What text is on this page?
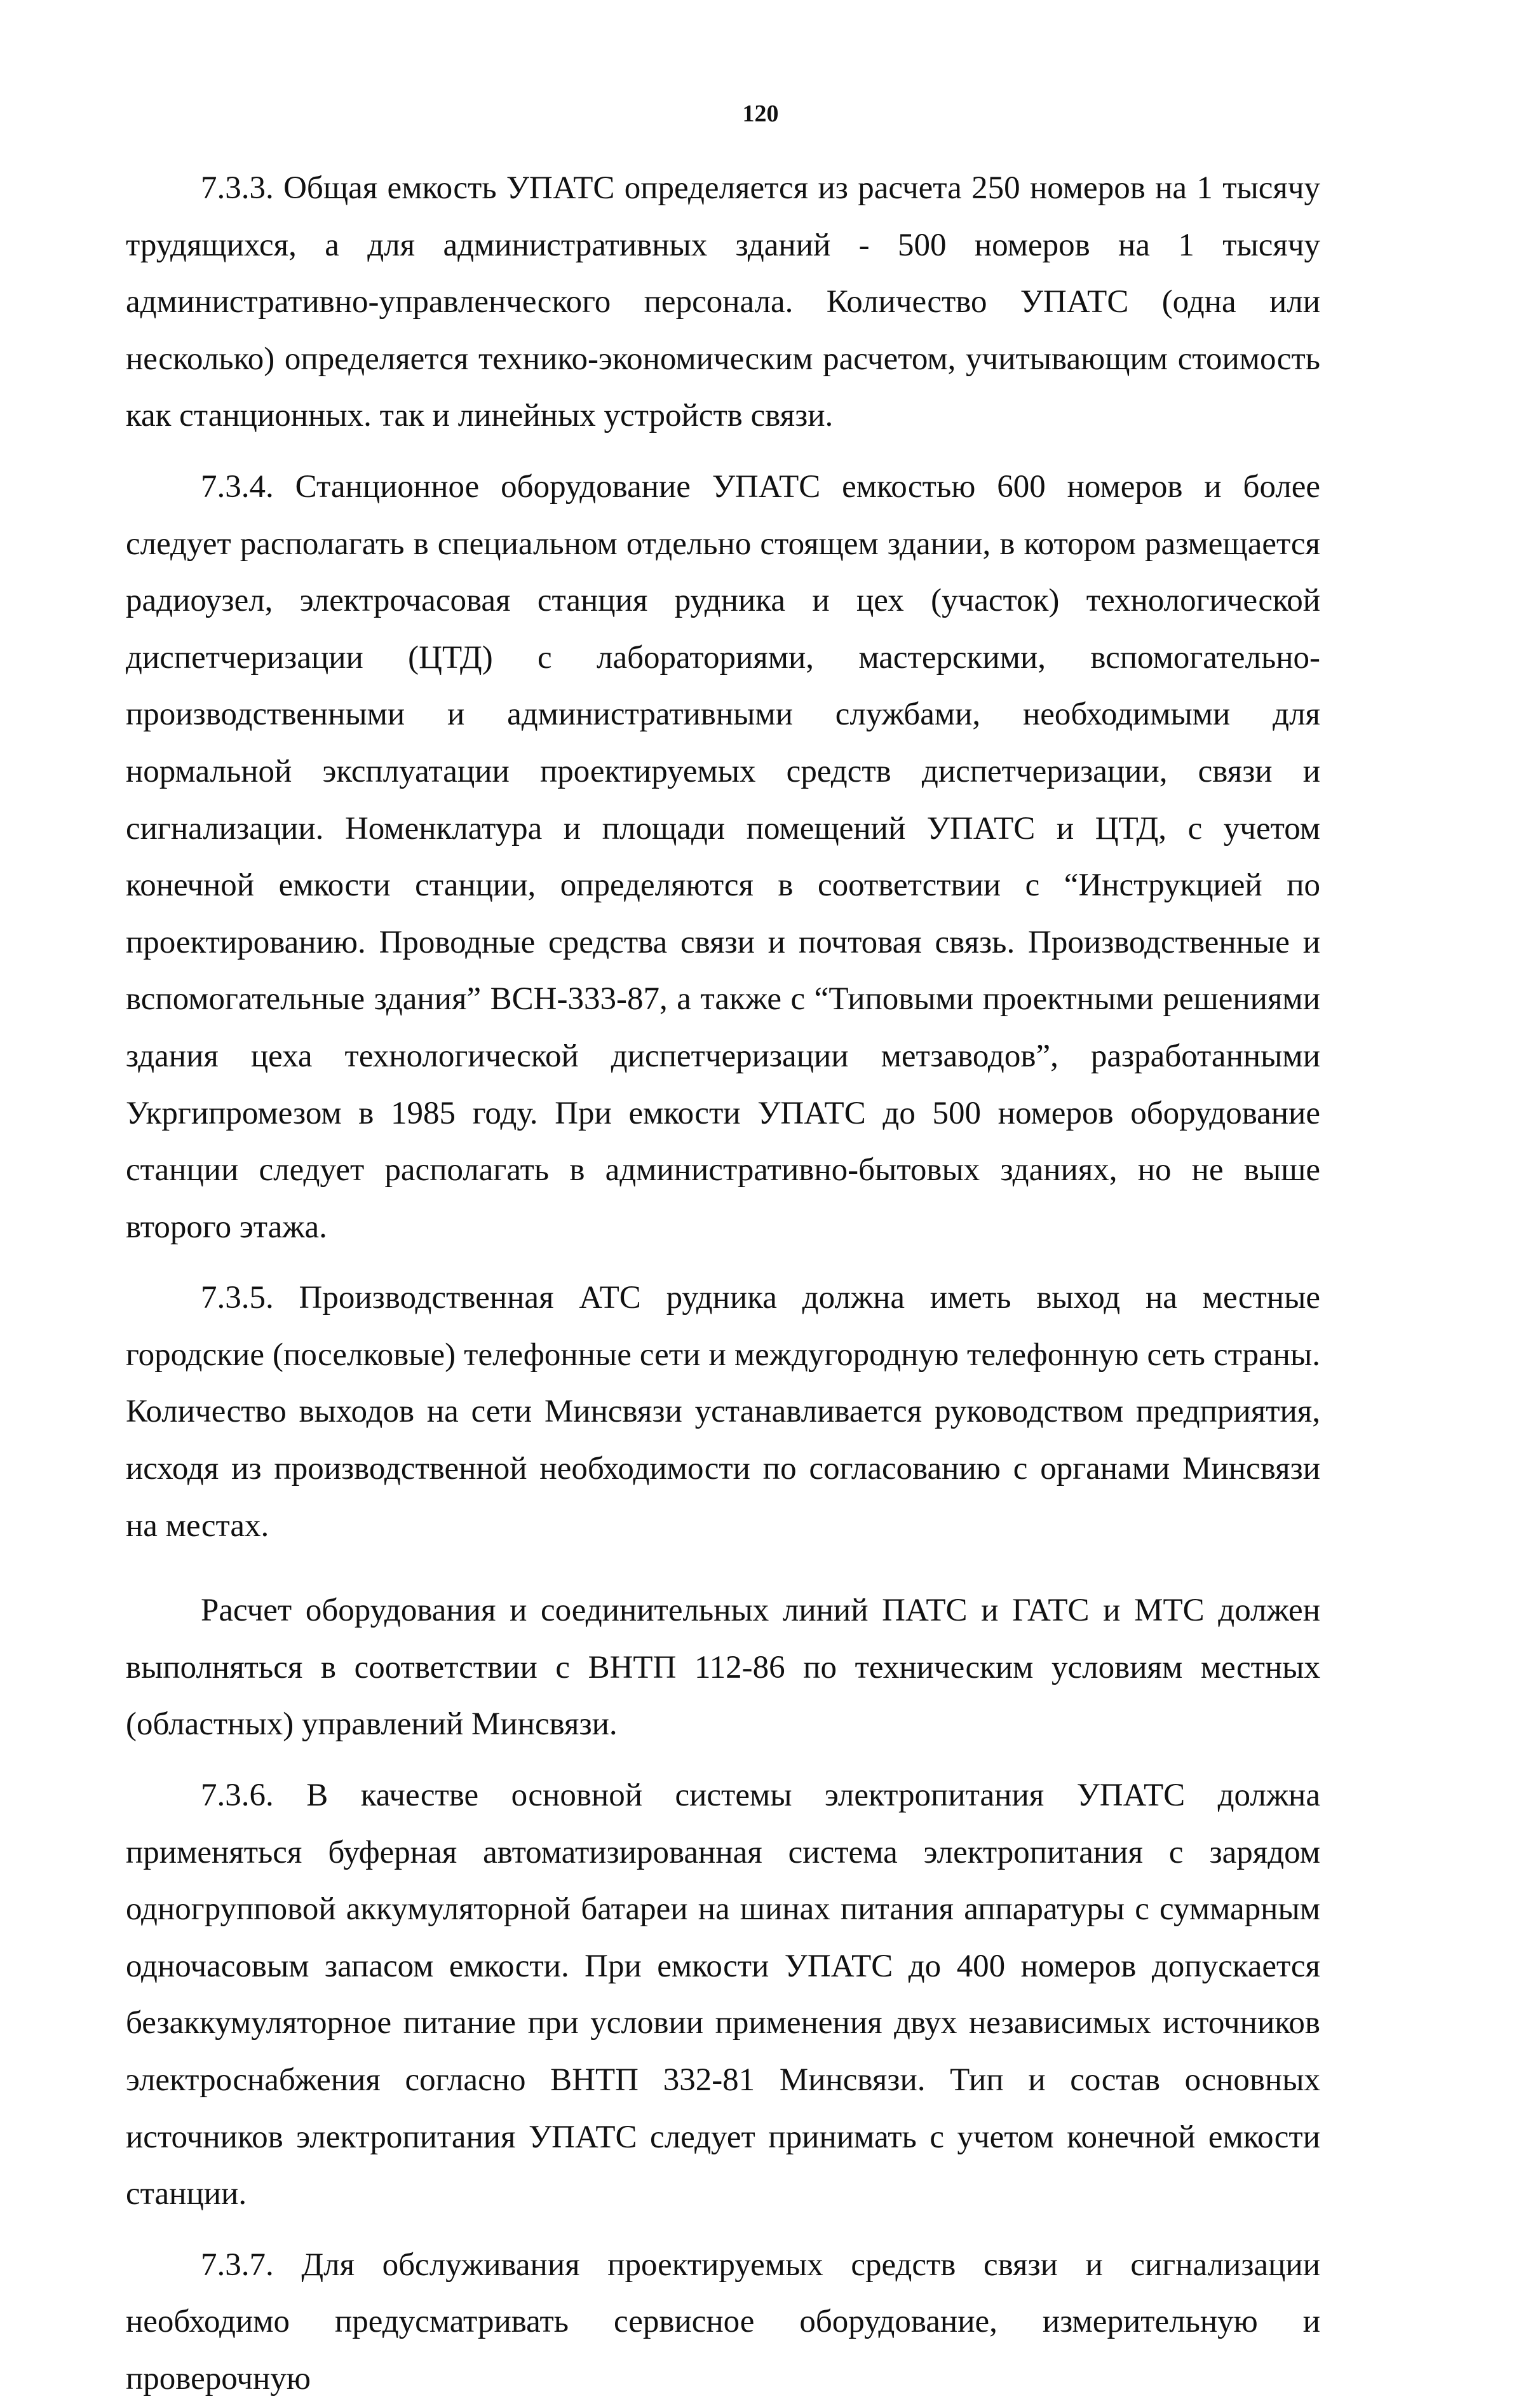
120

7.3.3. Общая емкость УПАТС определяется из расчета 250 номеров на 1 тысячу трудящихся, а для административных зданий - 500 номеров на 1 тысячу административно-управленческого персонала. Количество УПАТС (одна или несколько) определяется технико-экономическим расчетом, учитывающим стоимость как станционных. так и линейных устройств связи.

7.3.4. Станционное оборудование УПАТС емкостью 600 номеров и более следует располагать в специальном отдельно стоящем здании, в котором размещается радиоузел, электрочасовая станция рудника и цех (участок) технологической диспетчеризации (ЦТД) с лабораториями, мастерскими, вспомогательно-производственными и административными службами, необходимыми для нормальной эксплуатации проектируемых средств диспетчеризации, связи и сигнализации. Номенклатура и площади помещений УПАТС и ЦТД, с учетом конечной емкости станции, определяются в соответствии с “Инструкцией по проектированию. Проводные средства связи и почтовая связь. Производственные и вспомогательные здания” ВСН-333-87, а также с “Типовыми проектными решениями здания цеха технологической диспетчеризации метзаводов”, разработанными Укргипромезом в 1985 году. При емкости УПАТС до 500 номеров оборудование станции следует располагать в административно-бытовых зданиях, но не выше второго этажа.

7.3.5. Производственная АТС рудника должна иметь выход на местные городские (поселковые) телефонные сети и междугородную телефонную сеть страны. Количество выходов на сети Минсвязи устанавливается руководством предприятия, исходя из производственной необходимости по согласованию с органами Минсвязи на местах.

Расчет оборудования и соединительных линий ПАТС и ГАТС и МТС должен выполняться в соответствии с ВНТП 112-86 по техническим условиям местных (областных) управлений Минсвязи.

7.3.6. В качестве основной системы электропитания УПАТС должна применяться буферная автоматизированная система электропитания с зарядом одногрупповой аккумуляторной батареи на шинах питания аппаратуры с суммарным одночасовым запасом емкости. При емкости УПАТС до 400 номеров допускается безаккумуляторное питание при условии применения двух независимых источников электроснабжения согласно ВНТП 332-81 Минсвязи. Тип и состав основных источников электропитания УПАТС следует принимать с учетом конечной емкости станции.

7.3.7. Для обслуживания проектируемых средств связи и сигнализации необходимо предусматривать сервисное оборудование, измерительную и проверочную
